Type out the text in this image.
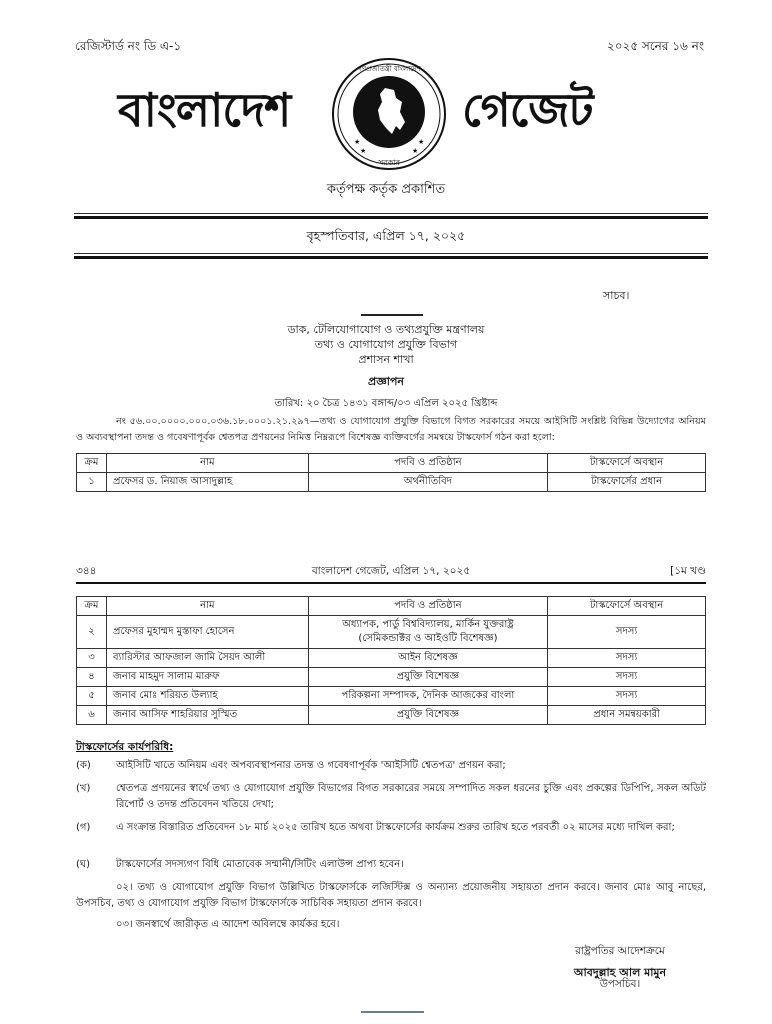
রেজিস্টার্ড নং ডি এ-১	২০২৫ সনের ১৬ নং
বাংলাদেশ
★	★
★	★
সরকার
গণপ্রজাতন্ত্রী বাংলাদেশ
গেজেট
কর্তৃপক্ষ কর্তৃক প্রকাশিত
বৃহস্পতিবার, এপ্রিল ১৭, ২০২৫
সাচব।
ডাক, টেলিযোগাযোগ ও তথ্যপ্রযুক্তি মন্ত্রণালয়
তথ্য ও যোগাযোগ প্রযুক্তি বিভাগ
প্রশাসন শাখা
প্রজ্ঞাপন
তারিখ: ২০ চৈত্র ১৪৩১ বঙ্গাব্দ/০৩ এপ্রিল ২০২৫ খ্রিষ্টাব্দ
নং ৫৬.০০.০০০০.০০০.০৩৬.১৮.০০০১.২১.২৯৭—তথ্য ও যোগাযোগ প্রযুক্তি বিভাগে বিগত সরকারের সময়ে আইসিটি সংশ্লিষ্ট বিভিন্ন উদ্যোগের অনিয়ম ও অব্যবস্থাপনা তদন্ত ও গবেষণাপূর্বক শ্বেতপত্র প্রণয়নের নিমিত্ত নিম্নরূপে বিশেষজ্ঞ ব্যক্তিবর্গের সমন্বয়ে টাস্কফোর্স গঠন করা হলো:
ক্রম	নাম	পদবি ও প্রতিষ্ঠান	টাস্কফোর্সে অবস্থান
১	প্রফেসর ড. নিয়াজ আসাদুল্লাহ	অর্থনীতিবিদ	টাস্কফোর্সের প্রধান
৩৪৪	বাংলাদেশ গেজেট, এপ্রিল ১৭, ২০২৫	[১ম খণ্ড
ক্রম	নাম	পদবি ও প্রতিষ্ঠান	টাস্কফোর্সে অবস্থান
২	প্রফেসর মুহাম্মদ মুস্তাফা হোসেন	অধ্যাপক, পার্ডু বিশ্ববিদ্যালয়, মার্কিন যুক্তরাষ্ট্র
(সেমিকন্ডাক্টর ও আইওটি বিশেষজ্ঞ)	সদস্য
৩	ব্যারিস্টার আফজাল জামি সৈয়দ আলী	আইন বিশেষজ্ঞ	সদস্য
৪	জনাব মাহমুদ সালাম মারুফ	প্রযুক্তি বিশেষজ্ঞ	সদস্য
৫	জনাব মোঃ শরিয়ত উল্যাহ	পরিকল্পনা সম্পাদক, দৈনিক আজকের বাংলা	সদস্য
৬	জনাব আসিফ শাহরিয়ার সুস্মিত	প্রযুক্তি বিশেষজ্ঞ	প্রধান সমন্বয়কারী
টাস্কফোর্সের কার্যপরিধি:
(ক)	আইসিটি খাতে অনিয়ম এবং অপব্যবস্থাপনার তদন্ত ও গবেষণাপূর্বক 'আইসিটি শ্বেতপত্র' প্রণয়ন করা;
(খ)	শ্বেতপত্র প্রণয়নের স্বার্থে তথ্য ও যোগাযোগ প্রযুক্তি বিভাগের বিগত সরকারের সময়ে সম্পাদিত সকল ধরনের চুক্তি এবং প্রকল্পের ডিপিপি, সকল অডিট রিপোর্ট ও তদন্ত প্রতিবেদন খতিয়ে দেখা;
(গ)	এ সংক্রান্ত বিস্তারিত প্রতিবেদন ১৮ মার্চ ২০২৫ তারিখ হতে অথবা টাস্কফোর্সের কার্যক্রম শুরুর তারিখ হতে পরবর্তী ০২ মাসের মধ্যে দাখিল করা;
(ঘ)	টাস্কফোর্সের সদস্যগণ বিধি মোতাবেক সম্মানী/সিটিং এলাউন্স প্রাপ্য হবেন।
০২। তথ্য ও যোগাযোগ প্রযুক্তি বিভাগ উল্লিখিত টাস্কফোর্সকে লজিস্টিক্স ও অন্যান্য প্রয়োজনীয় সহায়তা প্রদান করবে। জনাব মোঃ আবু নাছের, উপসচিব, তথ্য ও যোগাযোগ প্রযুক্তি বিভাগ টাস্কফোর্সকে সাচিবিক সহায়তা প্রদান করবে।
০৩। জনস্বার্থে জারীকৃত এ আদেশ অবিলম্বে কার্যকর হবে।
রাষ্ট্রপতির আদেশক্রমে
আবদুল্লাহ আল মামুন
উপসচিব।
